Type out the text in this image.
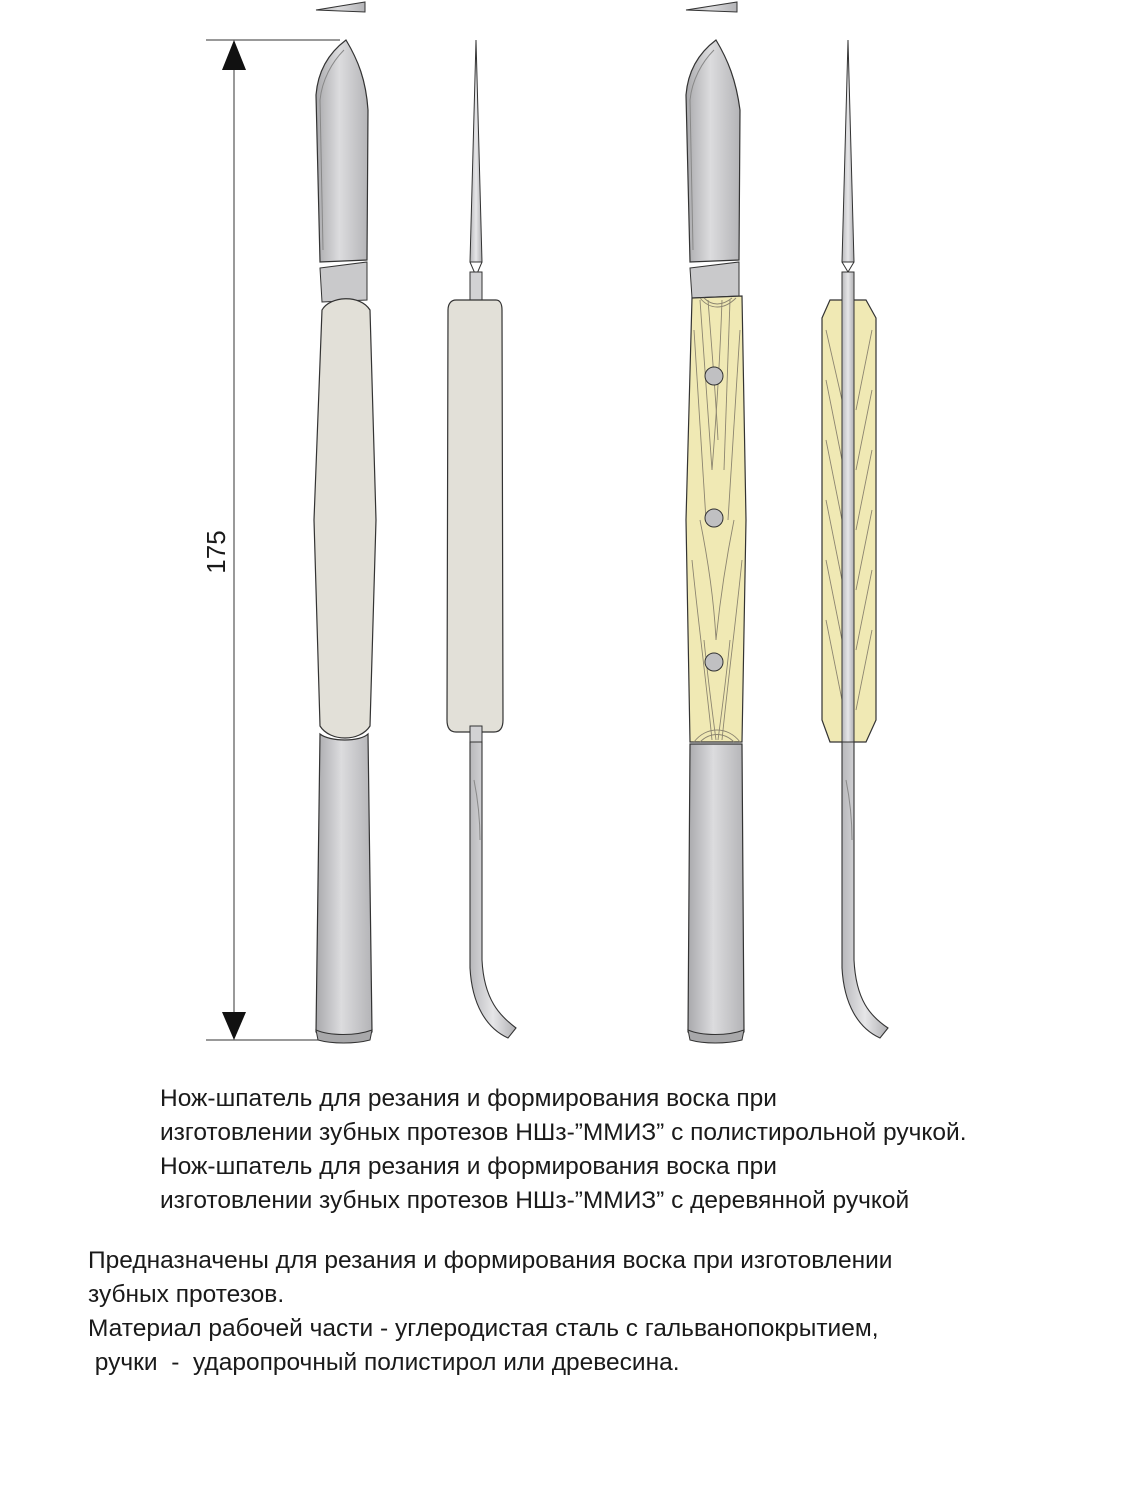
175
Нож-шпатель для резания и формирования воска при
изготовлении зубных протезов НШз-”ММИЗ” с полистирольной ручкой.
Нож-шпатель для резания и формирования воска при
изготовлении зубных протезов НШз-”ММИЗ” с деревянной ручкой
Предназначены для резания и формирования воска при изготовлении
зубных протезов.
Материал рабочей части - углеродистая сталь с гальванопокрытием,
ручки  -  ударопрочный полистирол или древесина.
